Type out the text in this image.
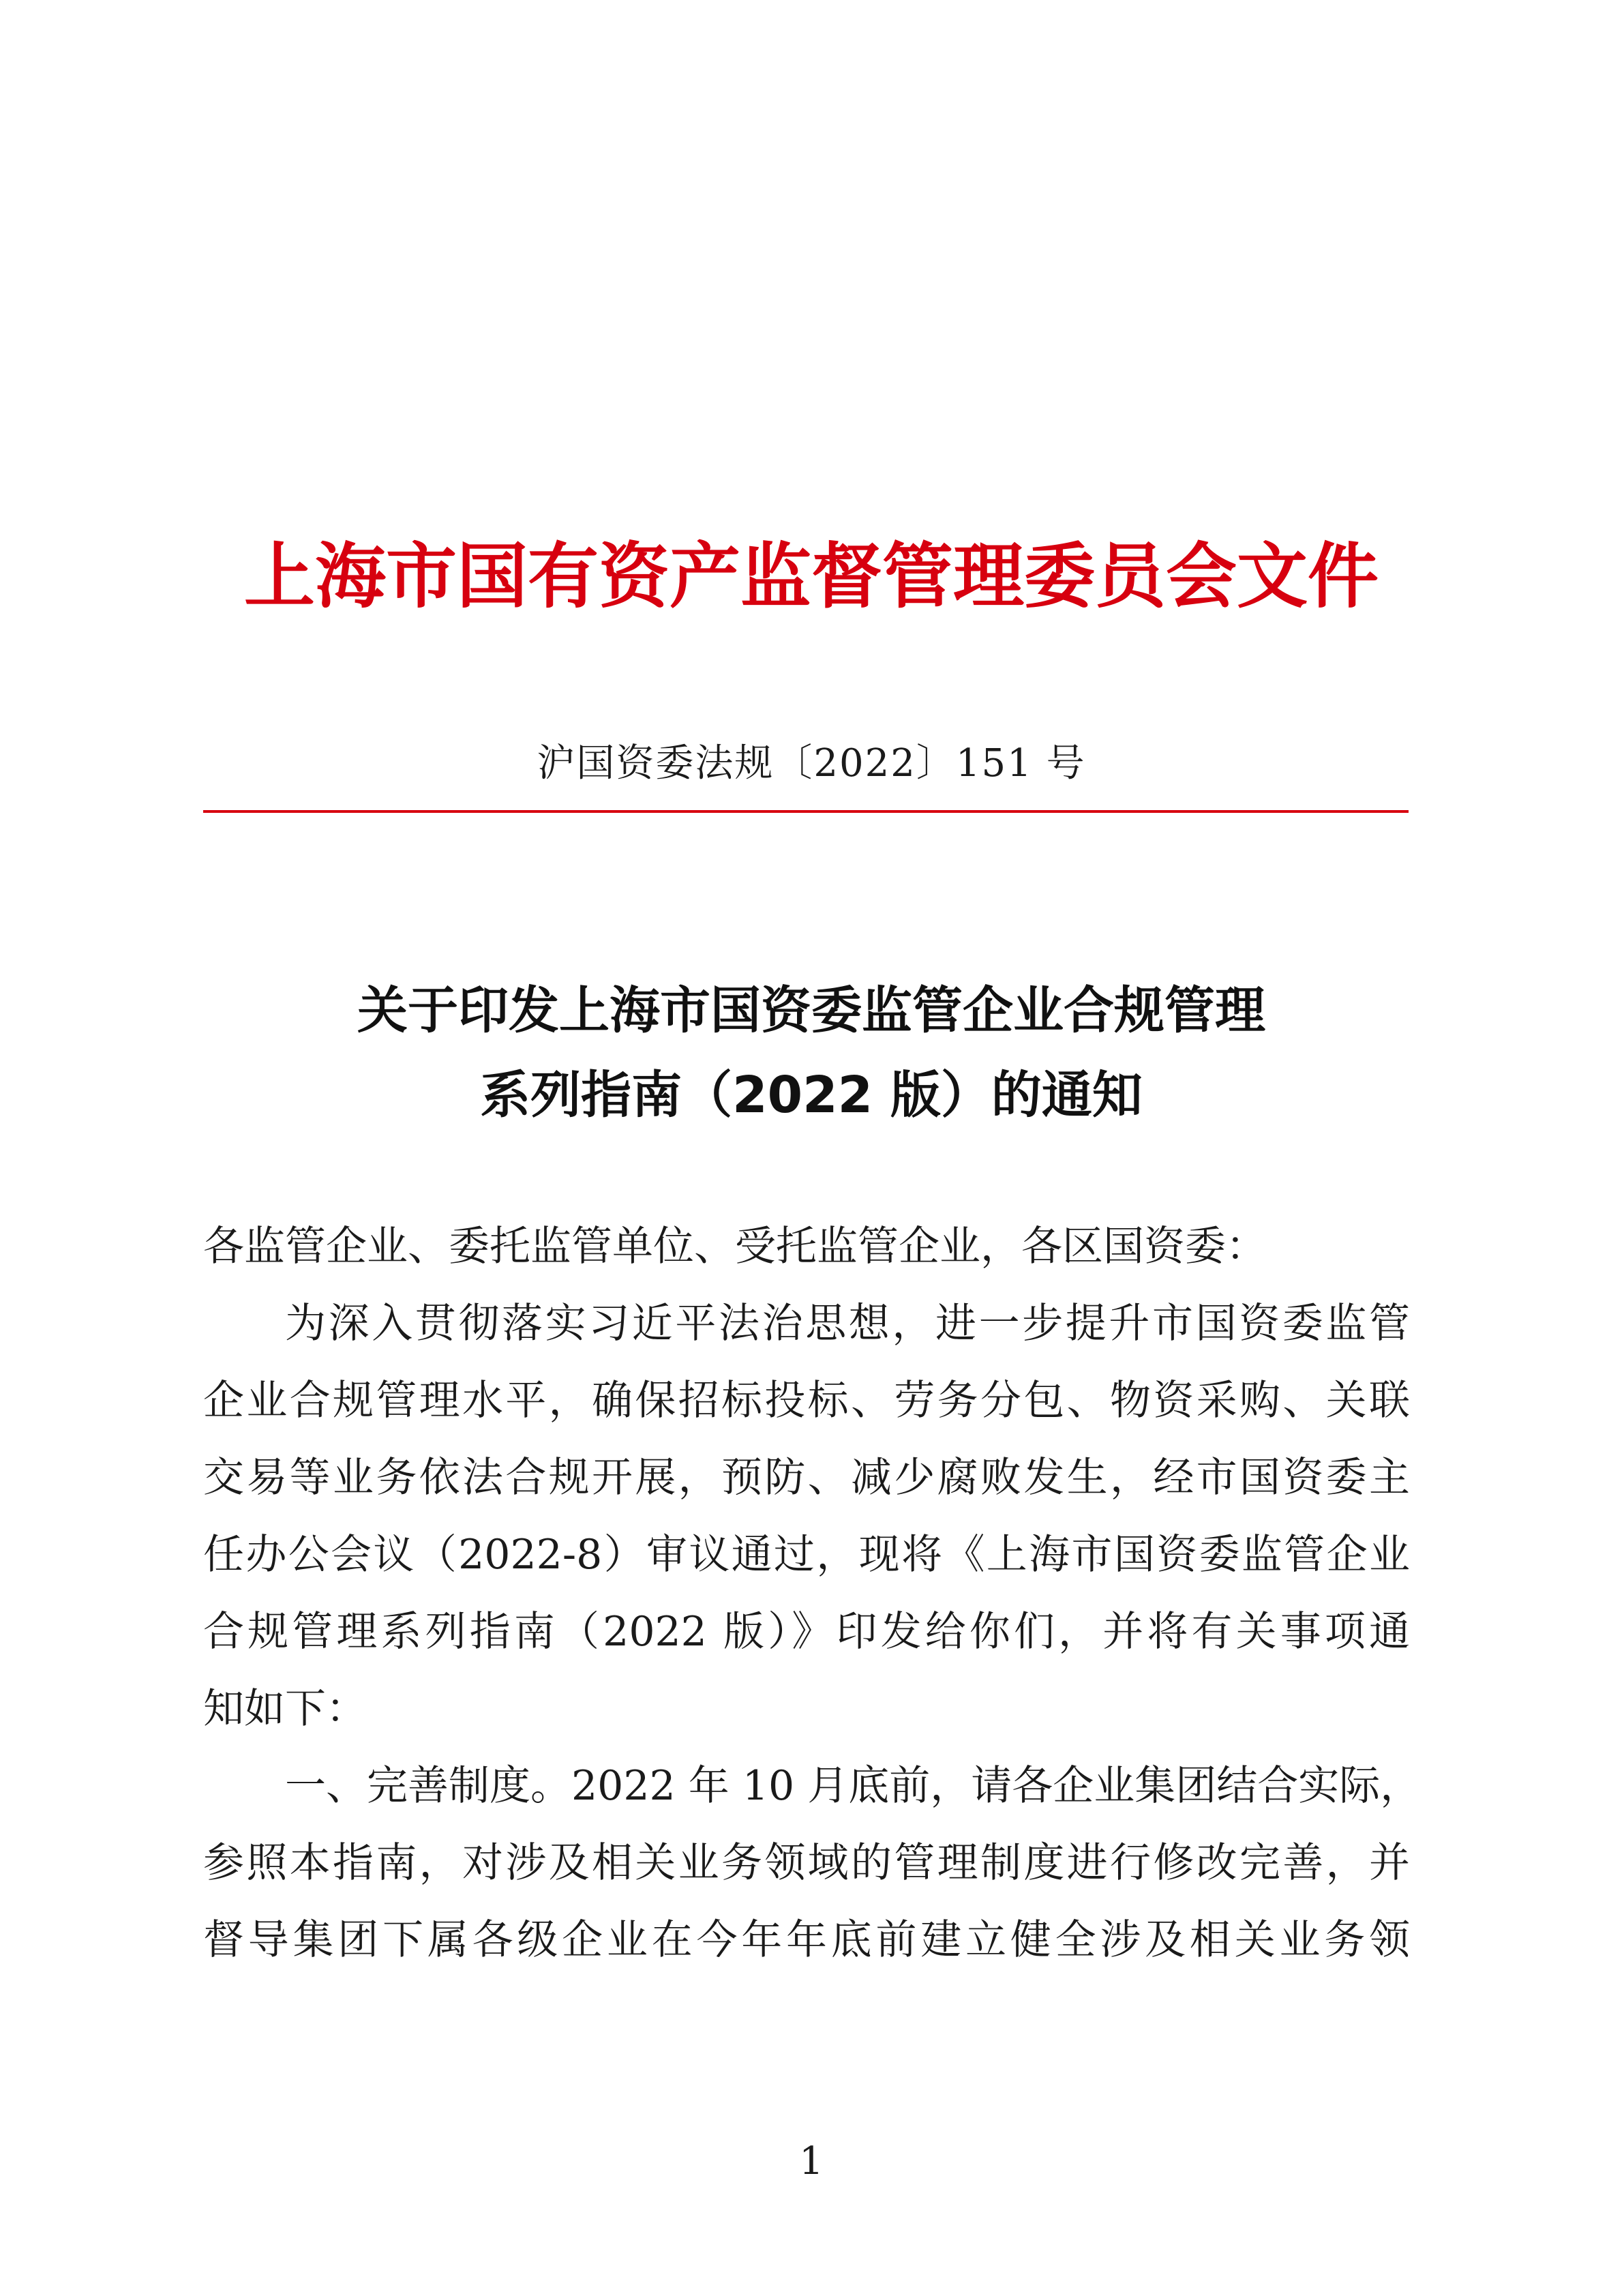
上海市国有资产监督管理委员会文件
沪国资委法规〔2022〕151 号
关于印发上海市国资委监管企业合规管理
系列指南（2022 版）的通知
各监管企业、委托监管单位、受托监管企业，各区国资委：
为深入贯彻落实习近平法治思想，进一步提升市国资委监管
企业合规管理水平，确保招标投标、劳务分包、物资采购、关联
交易等业务依法合规开展，预防、减少腐败发生，经市国资委主
任办公会议（2022-8）审议通过，现将《上海市国资委监管企业
合规管理系列指南（2022 版）》印发给你们，并将有关事项通
知如下：
一、完善制度。2022 年 10 月底前，请各企业集团结合实际，
参照本指南，对涉及相关业务领域的管理制度进行修改完善，并
督导集团下属各级企业在今年年底前建立健全涉及相关业务领
1
